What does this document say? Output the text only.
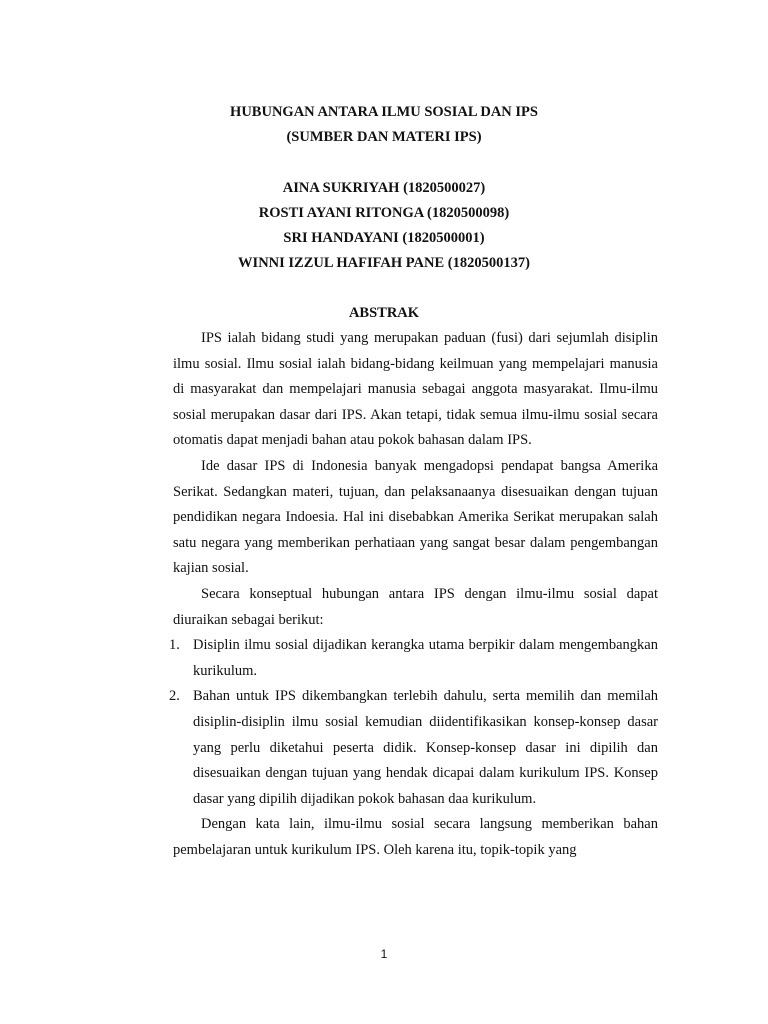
HUBUNGAN ANTARA ILMU SOSIAL DAN IPS
(SUMBER DAN MATERI IPS)
AINA SUKRIYAH (1820500027)
ROSTI AYANI RITONGA (1820500098)
SRI HANDAYANI (1820500001)
WINNI IZZUL HAFIFAH PANE (1820500137)
ABSTRAK

IPS ialah bidang studi yang merupakan paduan (fusi) dari sejumlah disiplin ilmu sosial. Ilmu sosial ialah bidang-bidang keilmuan yang mempelajari manusia di masyarakat dan mempelajari manusia sebagai anggota masyarakat. Ilmu-ilmu sosial merupakan dasar dari IPS. Akan tetapi, tidak semua ilmu-ilmu sosial secara otomatis dapat menjadi bahan atau pokok bahasan dalam IPS.

Ide dasar IPS di Indonesia banyak mengadopsi pendapat bangsa Amerika Serikat. Sedangkan materi, tujuan, dan pelaksanaanya disesuaikan dengan tujuan pendidikan negara Indoesia. Hal ini disebabkan Amerika Serikat merupakan salah satu negara yang memberikan perhatiaan yang sangat besar dalam pengembangan kajian sosial.

Secara konseptual hubungan antara IPS dengan ilmu-ilmu sosial dapat diuraikan sebagai berikut:

1. Disiplin ilmu sosial dijadikan kerangka utama berpikir dalam mengembangkan kurikulum.
2. Bahan untuk IPS dikembangkan terlebih dahulu, serta memilih dan memilah disiplin-disiplin ilmu sosial kemudian diidentifikasikan konsep-konsep dasar yang perlu diketahui peserta didik. Konsep-konsep dasar ini dipilih dan disesuaikan dengan tujuan yang hendak dicapai dalam kurikulum IPS. Konsep dasar yang dipilih dijadikan pokok bahasan daa kurikulum.

Dengan kata lain, ilmu-ilmu sosial secara langsung memberikan bahan pembelajaran untuk kurikulum IPS. Oleh karena itu, topik-topik yang

1
